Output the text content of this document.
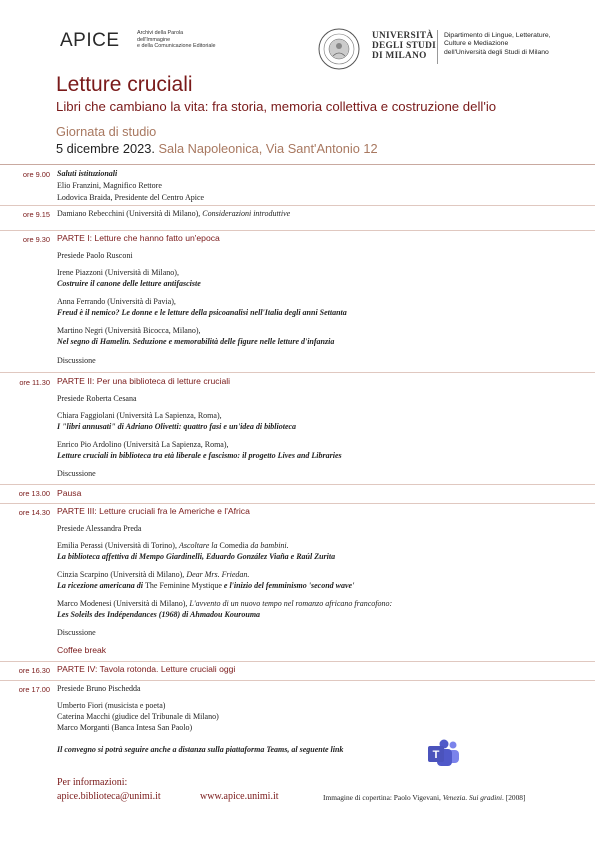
APICE	Archivi della Parola
dell'Immagine
e della Comunicazione Editoriale
UNIVERSITÀ
DEGLI STUDI
DI MILANO
Dipartimento di Lingue, Letterature,
Culture e Mediazione
dell'Università degli Studi di Milano
Letture cruciali
Libri che cambiano la vita: fra storia, memoria collettiva e costruzione dell'io
Giornata di studio
5 dicembre 2023. Sala Napoleonica, Via Sant'Antonio 12
ore 9.00 Saluti istituzionali
Elio Franzini, Magnifico Rettore
Lodovica Braida, Presidente del Centro Apice
ore 9.15 Damiano Rebecchini (Università di Milano), Considerazioni introduttive
ore 9.30 PARTE I: Letture che hanno fatto un'epoca
Presiede Paolo Rusconi
Irene Piazzoni (Università di Milano),
Costruire il canone delle letture antifasciste
Anna Ferrando (Università di Pavia),
Freud è il nemico? Le donne e le letture della psicoanalisi nell'Italia degli anni Settanta
Martino Negri (Università Bicocca, Milano),
Nel segno di Hamelin. Seduzione e memorabilità delle figure nelle letture d'infanzia
Discussione
ore 11.30 PARTE II: Per una biblioteca di letture cruciali
Presiede Roberta Cesana
Chiara Faggiolani (Università La Sapienza, Roma),
I "libri annusati" di Adriano Olivetti: quattro fasi e un'idea di biblioteca
Enrico Pio Ardolino (Università La Sapienza, Roma),
Letture cruciali in biblioteca tra età liberale e fascismo: il progetto Lives and Libraries
Discussione
ore 13.00 Pausa
ore 14.30 PARTE III: Letture cruciali fra le Americhe e l'Africa
Presiede Alessandra Preda
Emilia Perassi (Università di Torino), Ascoltare la Comedia da bambini.
La biblioteca affettiva di Mempo Giardinelli, Eduardo González Viaña e Raúl Zurita
Cinzia Scarpino (Università di Milano), Dear Mrs. Friedan.
La ricezione americana di The Feminine Mystique e l'inizio del femminismo 'second wave'
Marco Modenesi (Università di Milano), L'avvento di un nuovo tempo nel romanzo africano francofono:
Les Soleils des Indépendances (1968) di Ahmadou Kourouma
Discussione
Coffee break
ore 16.30 PARTE IV: Tavola rotonda. Letture cruciali oggi
ore 17.00 Presiede Bruno Pischedda
Umberto Fiori (musicista e poeta)
Caterina Macchi (giudice del Tribunale di Milano)
Marco Morganti (Banca Intesa San Paolo)
Il convegno si potrà seguire anche a distanza sulla piattaforma Teams, al seguente link	T
Per informazioni:
apice.biblioteca@unimi.it	www.apice.unimi.it	Immagine di copertina: Paolo Vigevani, Venezia. Sui gradini. [2008]
